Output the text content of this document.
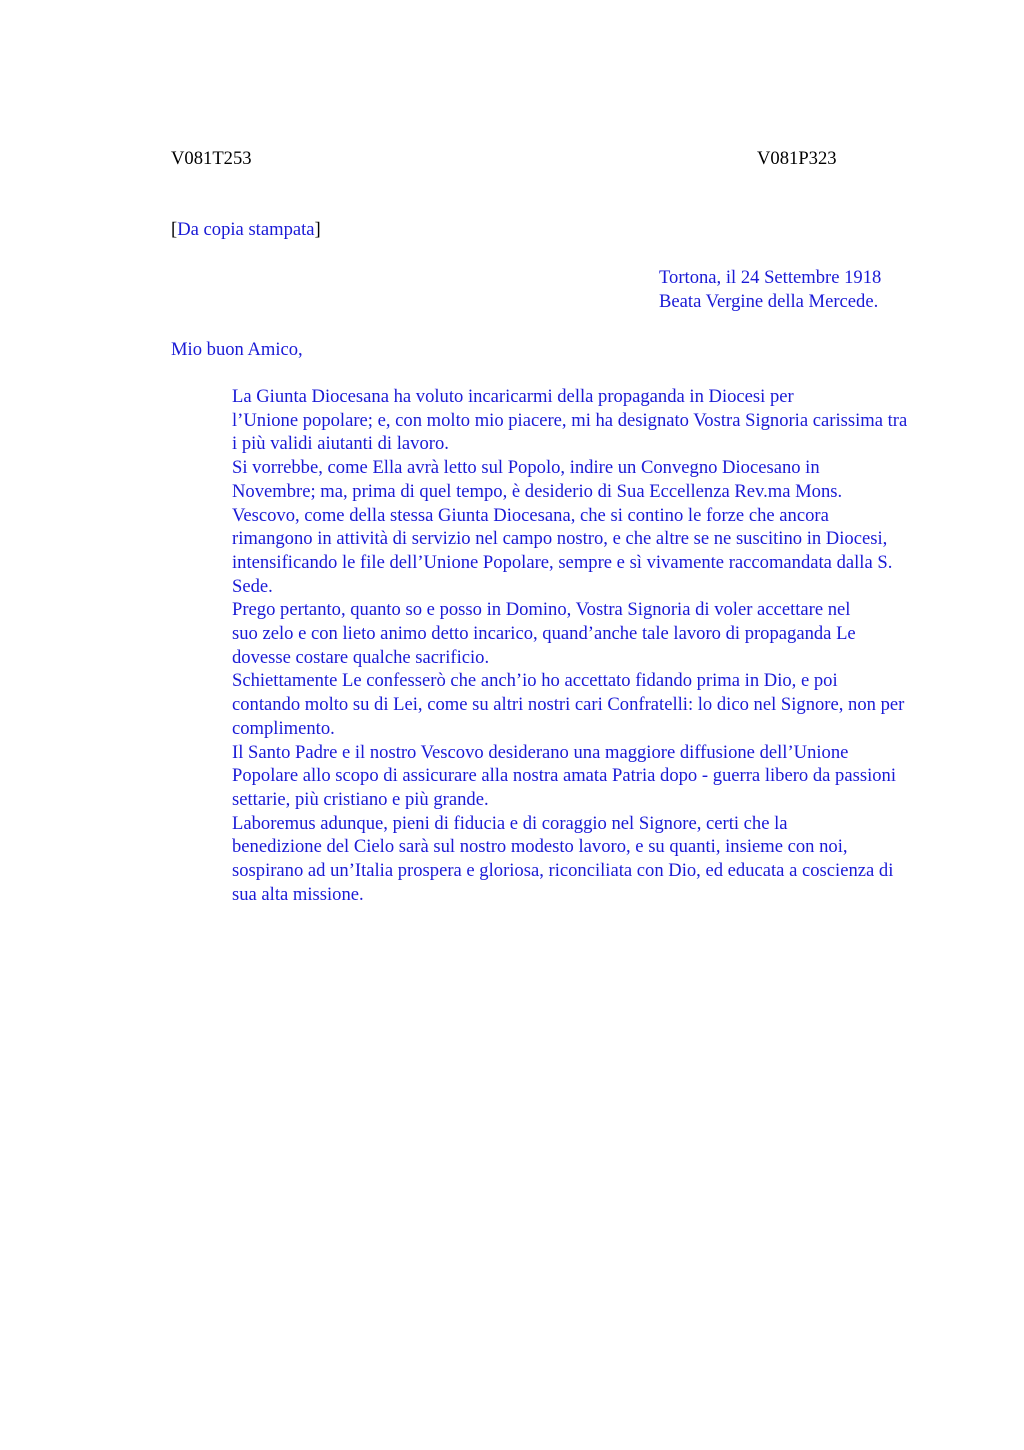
V081T253	V081P323
[Da copia stampata]
Tortona, il 24 Settembre 1918
Beata Vergine della Mercede.
Mio buon Amico,

La Giunta Diocesana ha voluto incaricarmi della propaganda in Diocesi per
l’Unione popolare; e, con molto mio piacere, mi ha designato Vostra Signoria carissima tra
i più validi aiutanti di lavoro.

Si vorrebbe, come Ella avrà letto sul Popolo, indire un Convegno Diocesano in
Novembre; ma, prima di quel tempo, è desiderio di Sua Eccellenza Rev.ma Mons.
Vescovo, come della stessa Giunta Diocesana, che si contino le forze che ancora
rimangono in attività di servizio nel campo nostro, e che altre se ne suscitino in Diocesi,
intensificando le file dell’Unione Popolare, sempre e sì vivamente raccomandata dalla S.
Sede.

Prego pertanto, quanto so e posso in Domino, Vostra Signoria di voler accettare nel
suo zelo e con lieto animo detto incarico, quand’anche tale lavoro di propaganda Le
dovesse costare qualche sacrificio.

Schiettamente Le confesserò che anch’io ho accettato fidando prima in Dio, e poi
contando molto su di Lei, come su altri nostri cari Confratelli: lo dico nel Signore, non per
complimento.

Il Santo Padre e il nostro Vescovo desiderano una maggiore diffusione dell’Unione
Popolare allo scopo di assicurare alla nostra amata Patria dopo - guerra libero da passioni
settarie, più cristiano e più grande.

Laboremus adunque, pieni di fiducia e di coraggio nel Signore, certi che la
benedizione del Cielo sarà sul nostro modesto lavoro, e su quanti, insieme con noi,
sospirano ad un’Italia prospera e gloriosa, riconciliata con Dio, ed educata a coscienza di
sua alta missione.
